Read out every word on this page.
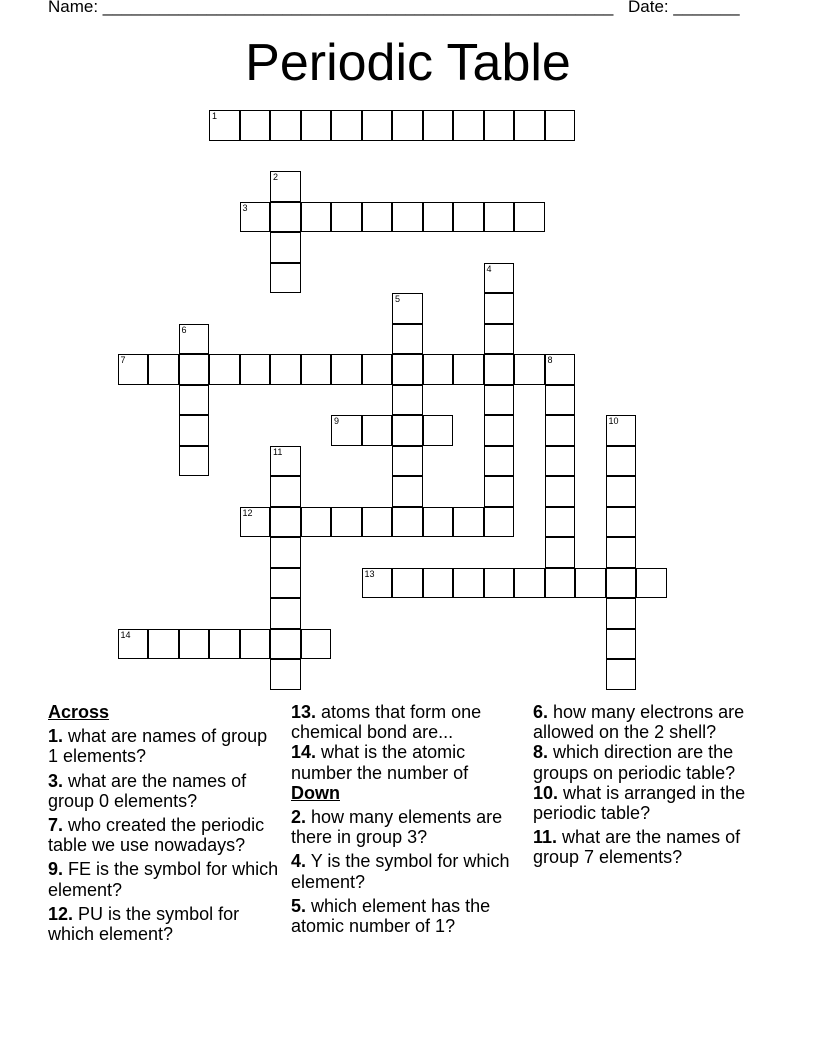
Name: ______________________________________________________ Date: _______
Periodic Table
1
2
3
4
5
6
7	8
9	10
11
12
13
14
Across
1. what are names of group 1 elements?
3. what are the names of group 0 elements?
7. who created the periodic table we use nowadays?
9. FE is the symbol for which element?
12. PU is the symbol for which element?
13. atoms that form one chemical bond are...
14. what is the atomic number the number of
Down
2. how many elements are there in group 3?
4. Y is the symbol for which element?
5. which element has the atomic number of 1?
6. how many electrons are allowed on the 2 shell?
8. which direction are the groups on periodic table?
10. what is arranged in the periodic table?
11. what are the names of group 7 elements?
